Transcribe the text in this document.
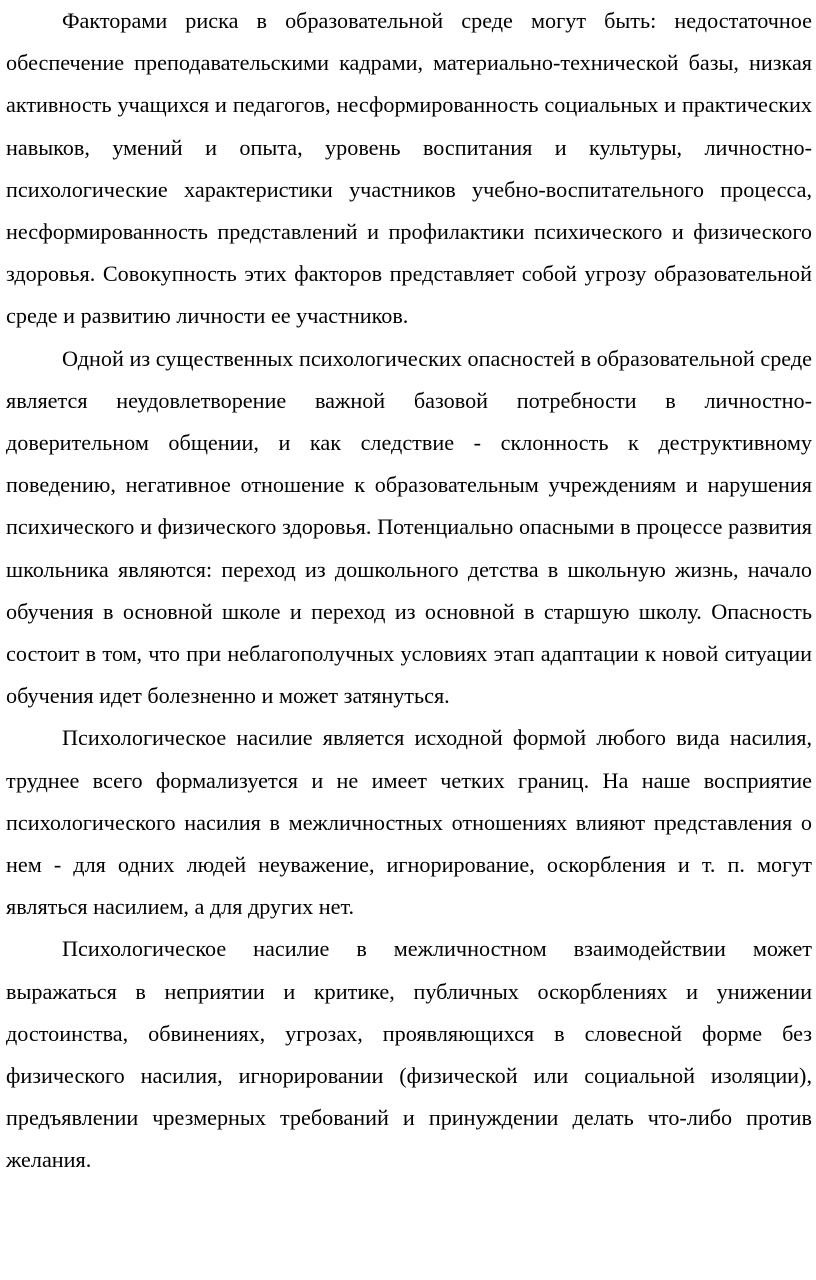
Факторами риска в образовательной среде могут быть: недостаточное обеспечение преподавательскими кадрами, материально-технической базы, низкая активность учащихся и педагогов, несформированность социальных и практических навыков, умений и опыта, уровень воспитания и культуры, личностно-психологические характеристики участников учебно-воспитательного процесса, несформированность представлений и профилактики психического и физического здоровья. Совокупность этих факторов представляет собой угрозу образовательной среде и развитию личности ее участников.

Одной из существенных психологических опасностей в образовательной среде является неудовлетворение важной базовой потребности в личностно-доверительном общении, и как следствие - склонность к деструктивному поведению, негативное отношение к образовательным учреждениям и нарушения психического и физического здоровья. Потенциально опасными в процессе развития школьника являются: переход из дошкольного детства в школьную жизнь, начало обучения в основной школе и переход из основной в старшую школу. Опасность состоит в том, что при неблагополучных условиях этап адаптации к новой ситуации обучения идет болезненно и может затянуться.

Психологическое насилие является исходной формой любого вида насилия, труднее всего формализуется и не имеет четких границ. На наше восприятие психологического насилия в межличностных отношениях влияют представления о нем - для одних людей неуважение, игнорирование, оскорбления и т. п. могут являться насилием, а для других нет.

Психологическое насилие в межличностном взаимодействии может выражаться в неприятии и критике, публичных оскорблениях и унижении достоинства, обвинениях, угрозах, проявляющихся в словесной форме без физического насилия, игнорировании (физической или социальной изоляции), предъявлении чрезмерных требований и принуждении делать что-либо против желания.
